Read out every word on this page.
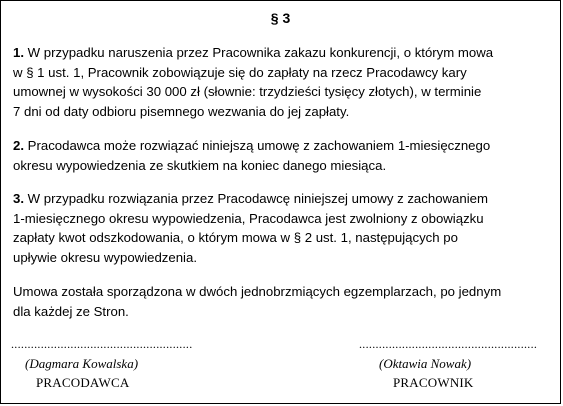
§ 3
1. W przypadku naruszenia przez Pracownika zakazu konkurencji, o którym mowa
w § 1 ust. 1, Pracownik zobowiązuje się do zapłaty na rzecz Pracodawcy kary
umownej w wysokości 30 000 zł (słownie: trzydzieści tysięcy złotych), w terminie
7 dni od daty odbioru pisemnego wezwania do jej zapłaty.
2. Pracodawca może rozwiązać niniejszą umowę z zachowaniem 1-miesięcznego
okresu wypowiedzenia ze skutkiem na koniec danego miesiąca.
3. W przypadku rozwiązania przez Pracodawcę niniejszej umowy z zachowaniem
1-miesięcznego okresu wypowiedzenia, Pracodawca jest zwolniony z obowiązku
zapłaty kwot odszkodowania, o którym mowa w § 2 ust. 1, następujących po
upływie okresu wypowiedzenia.
Umowa została sporządzona w dwóch jednobrzmiących egzemplarzach, po jednym
dla każdej ze Stron.
.......................................................	......................................................
(Dagmara Kowalska)	(Oktawia Nowak)
PRACODAWCA	PRACOWNIK
